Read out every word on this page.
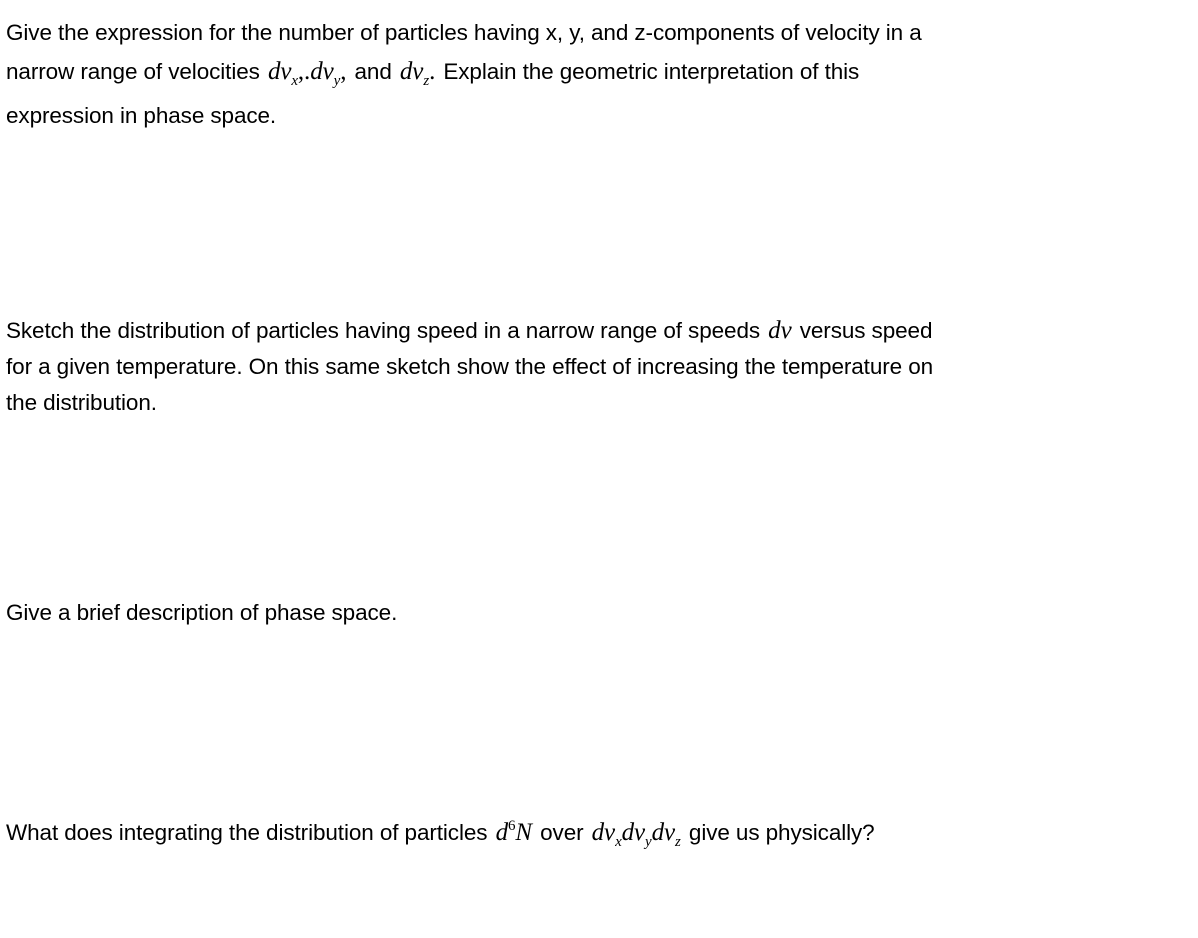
Give the expression for the number of particles having x, y, and z-components of velocity in a
narrow range of velocities $dv_x,.dv_y$, and $dv_z$. Explain the geometric interpretation of this
expression in phase space.
Sketch the distribution of particles having speed in a narrow range of speeds dv versus speed
for a given temperature. On this same sketch show the effect of increasing the temperature on
the distribution.
Give a brief description of phase space.
What does integrating the distribution of particles $d^6N$ over $dv_xdv_ydv_z$ give us physically?
